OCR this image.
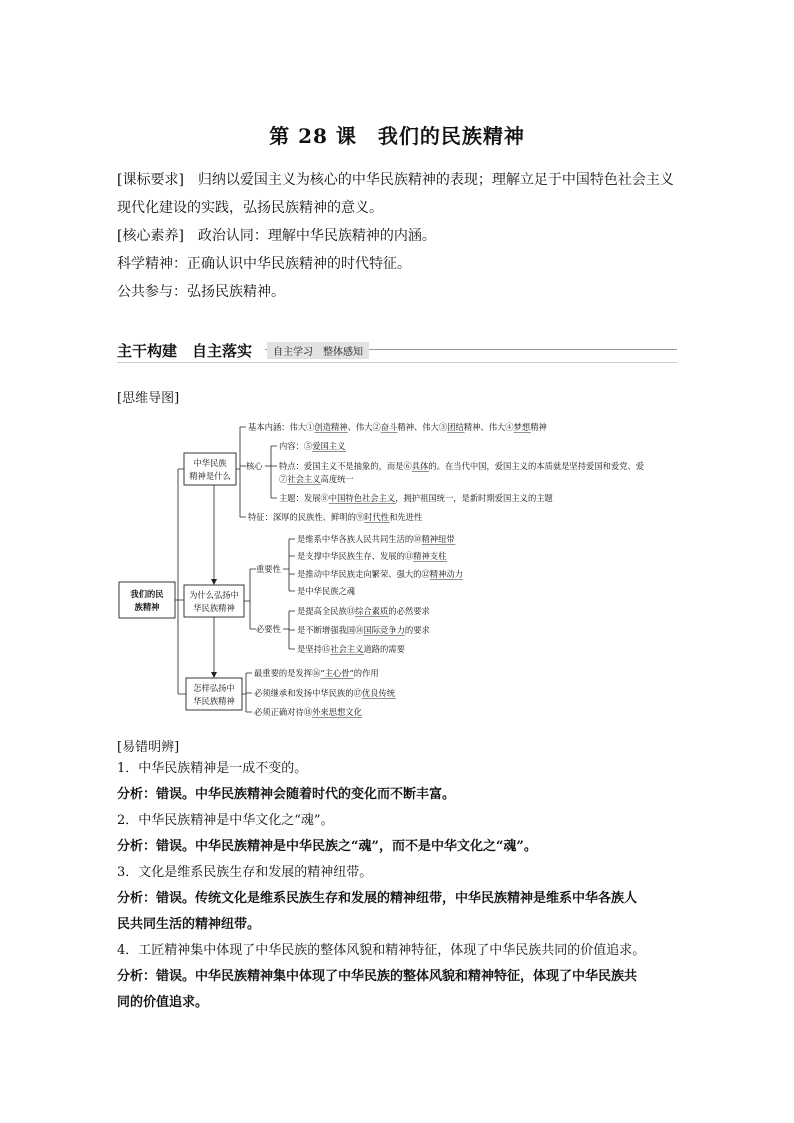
第 28 课　我们的民族精神

[课标要求]　归纳以爱国主义为核心的中华民族精神的表现；理解立足于中国特色社会主义

现代化建设的实践，弘扬民族精神的意义。

[核心素养]　政治认同：理解中华民族精神的内涵。

科学精神：正确认识中华民族精神的时代特征。

公共参与：弘扬民族精神。

主干构建　自主落实	自主学习　整体感知
[思维导图]
我们的民
族精神
中华民族
精神是什么
为什么弘扬中
华民族精神
怎样弘扬中
华民族精神
核心
重要性
必要性
基本内涵：伟大①创造精神、伟大②奋斗精神、伟大③团结精神、伟大④梦想精神
内容：⑤爱国主义
特点：爱国主义不是抽象的，而是⑥具体的。在当代中国，爱国主义的本质就是坚持爱国和爱党、爱
⑦社会主义高度统一
主题：发展⑧中国特色社会主义，拥护祖国统一，是新时期爱国主义的主题
特征：深厚的民族性、鲜明的⑨时代性和先进性
是维系中华各族人民共同生活的⑩精神纽带
是支撑中华民族生存、发展的⑪精神支柱
是推动中华民族走向繁荣、强大的⑫精神动力
是中华民族之魂
是提高全民族⑬综合素质的必然要求
是不断增强我国⑭国际竞争力的要求
是坚持⑮社会主义道路的需要
最重要的是发挥⑯“主心骨”的作用
必须继承和发扬中华民族的⑰优良传统
必须正确对待⑱外来思想文化
[易错明辨]

1．中华民族精神是一成不变的。

分析：错误。中华民族精神会随着时代的变化而不断丰富。

2．中华民族精神是中华文化之“魂”。

分析：错误。中华民族精神是中华民族之“魂”，而不是中华文化之“魂”。

3．文化是维系民族生存和发展的精神纽带。

分析：错误。传统文化是维系民族生存和发展的精神纽带，中华民族精神是维系中华各族人

民共同生活的精神纽带。

4．工匠精神集中体现了中华民族的整体风貌和精神特征，体现了中华民族共同的价值追求。

分析：错误。中华民族精神集中体现了中华民族的整体风貌和精神特征，体现了中华民族共

同的价值追求。
